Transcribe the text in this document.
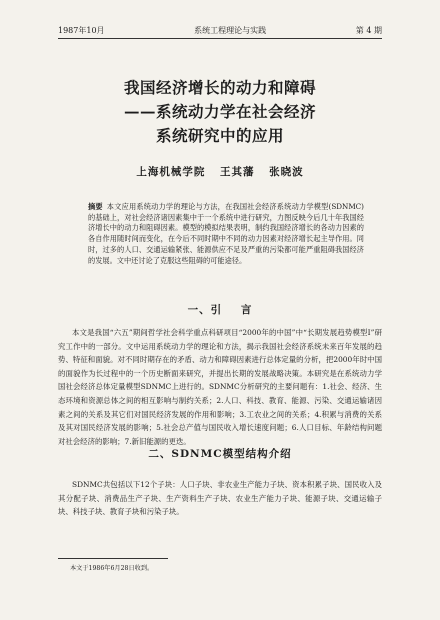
1987年10月	系统工程理论与实践	第 4 期
我国经济增长的动力和障碍
——系统动力学在社会经济
系统研究中的应用
上海机械学院 王其藩 张晓波
摘要 本文应用系统动力学的理论与方法，在我国社会经济系统动力学模型(SDNMC)的基础上，对社会经济诸因素集中于一个系统中进行研究，力图反映今后几十年我国经济增长中的动力和阻碍因素。模型的模拟结果表明，制约我国经济增长的各动力因素的各自作用随时间而变化，在今后不同时期中不同的动力因素对经济增长起主导作用。同时，过多的人口、交通运输紧张、能源供应不足及严重的污染都可能严重阻碍我国经济的发展。文中还讨论了克服这些阻碍的可能途径。
一、引 言
本文是我国“六五”期间哲学社会科学重点科研项目“2000年的中国”中“长期发展趋势模型Ⅰ”研究工作中的一部分。文中运用系统动力学的理论和方法，揭示我国社会经济系统未来百年发展的趋势、特征和面貌。对不同时期存在的矛盾、动力和障碍因素进行总体定量的分析，把2000年时中国的面貌作为长过程中的一个历史断面来研究，并提出长期的发展战略决策。本研究是在系统动力学国社会经济总体定量模型SDNMC上进行的。SDNMC分析研究的主要问题有：1.社会、经济、生态环境和资源总体之间的相互影响与制约关系；2.人口、科技、教育、能源、污染、交通运输诸因素之间的关系及其它们对国民经济发展的作用和影响；3.工农业之间的关系；4.积累与消费的关系及其对国民经济发展的影响；5.社会总产值与国民收入增长速度问题；6.人口目标、年龄结构问题对社会经济的影响；7.新旧能源的更迭。
二、SDNMC模型结构介绍
SDNMC共包括以下12个子块：人口子块、非农业生产能力子块、资本积累子块、国民收入及其分配子块、消费品生产子块、生产资料生产子块、农业生产能力子块、能源子块、交通运输子块、科技子块、教育子块和污染子块。
本文于1986年6月28日收到。
